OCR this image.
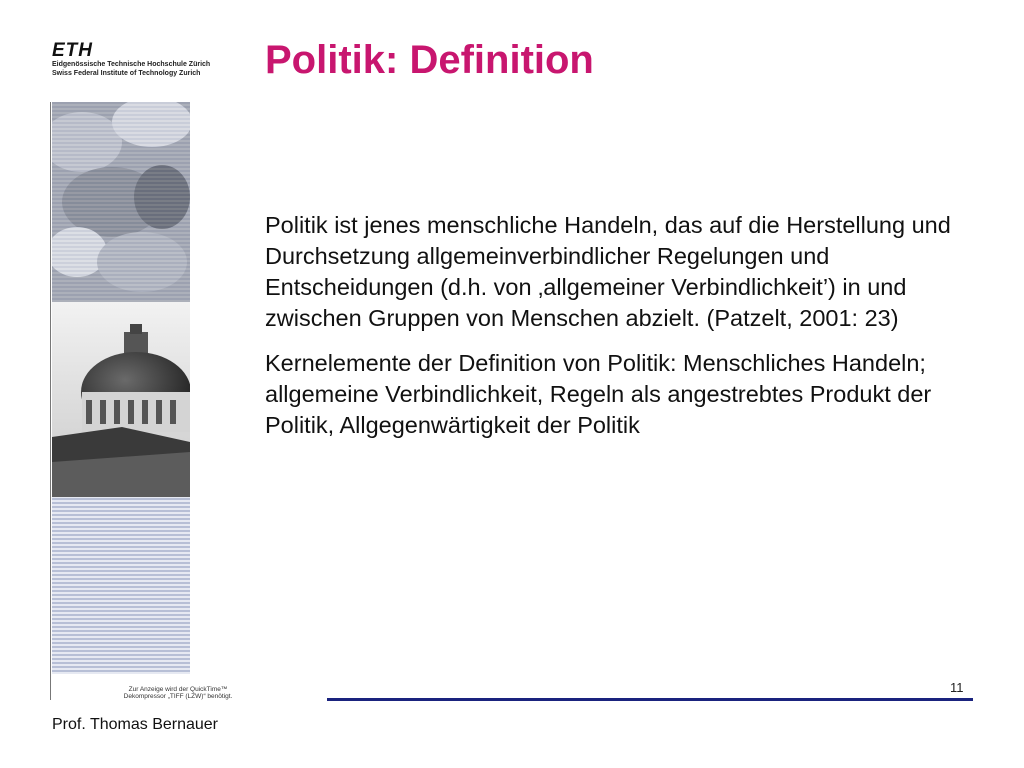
ETH
Eidgenössische Technische Hochschule Zürich
Swiss Federal Institute of Technology Zurich	Politik: Definition

Politik ist jenes menschliche Handeln, das auf die Herstellung und Durchsetzung allgemeinverbindlicher Regelungen und Entscheidungen (d.h. von ‚allgemeiner Verbindlichkeit’) in und zwischen Gruppen von Menschen abzielt. (Patzelt, 2001: 23)

Kernelemente der Definition von Politik: Menschliches Handeln; allgemeine Verbindlichkeit, Regeln als angestrebtes Produkt der Politik, Allgegenwärtigkeit der Politik

Zur Anzeige wird der QuickTime™ Dekompressor „TIFF (LZW)“ benötigt.
11
Prof. Thomas Bernauer
